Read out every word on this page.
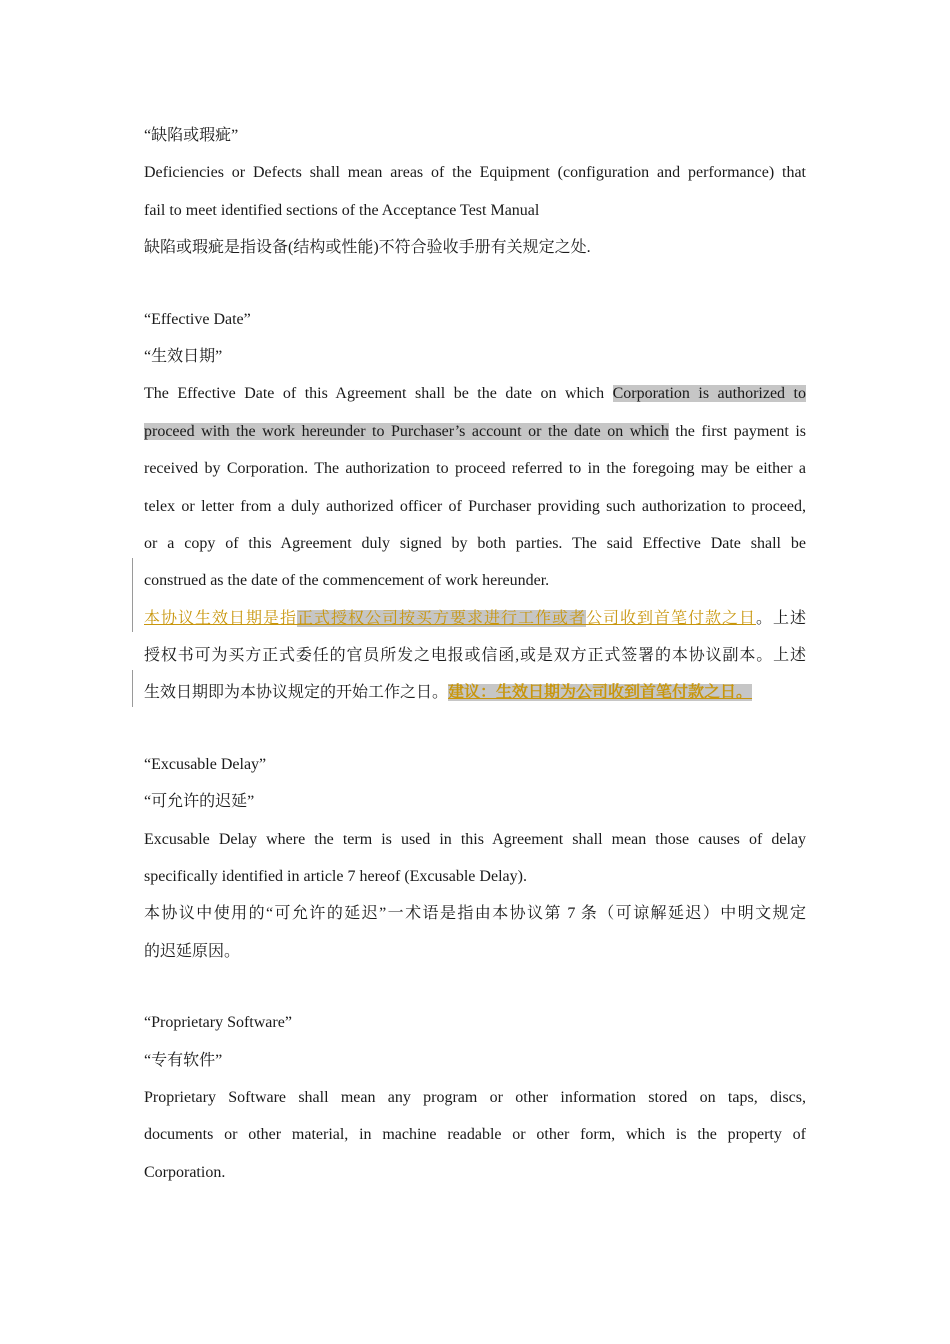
“缺陷或瑕疵”
Deficiencies or Defects shall mean areas of the Equipment (configuration and performance) that
fail to meet identified sections of the Acceptance Test Manual
缺陷或瑕疵是指设备(结构或性能)不符合验收手册有关规定之处.
“Effective Date”
“生效日期”
The Effective Date of this Agreement shall be the date on which Corporation is authorized to
proceed with the work hereunder to Purchaser’s account or the date on which the first payment is
received by Corporation. The authorization to proceed referred to in the foregoing may be either a
telex or letter from a duly authorized officer of Purchaser providing such authorization to proceed,
or a copy of this Agreement duly signed by both parties. The said Effective Date shall be
construed as the date of the commencement of work hereunder.
本协议生效日期是指正式授权公司按买方要求进行工作或者公司收到首笔付款之日。上述
授权书可为买方正式委任的官员所发之电报或信函,或是双方正式签署的本协议副本。上述
生效日期即为本协议规定的开始工作之日。建议：生效日期为公司收到首笔付款之日。
“Excusable Delay”
“可允许的迟延”
Excusable Delay where the term is used in this Agreement shall mean those causes of delay
specifically identified in article 7 hereof (Excusable Delay).
本协议中使用的“可允许的延迟”一术语是指由本协议第 7 条（可谅解延迟）中明文规定
的迟延原因。
“Proprietary Software”
“专有软件”
Proprietary Software shall mean any program or other information stored on taps, discs,
documents or other material, in machine readable or other form, which is the property of
Corporation.
